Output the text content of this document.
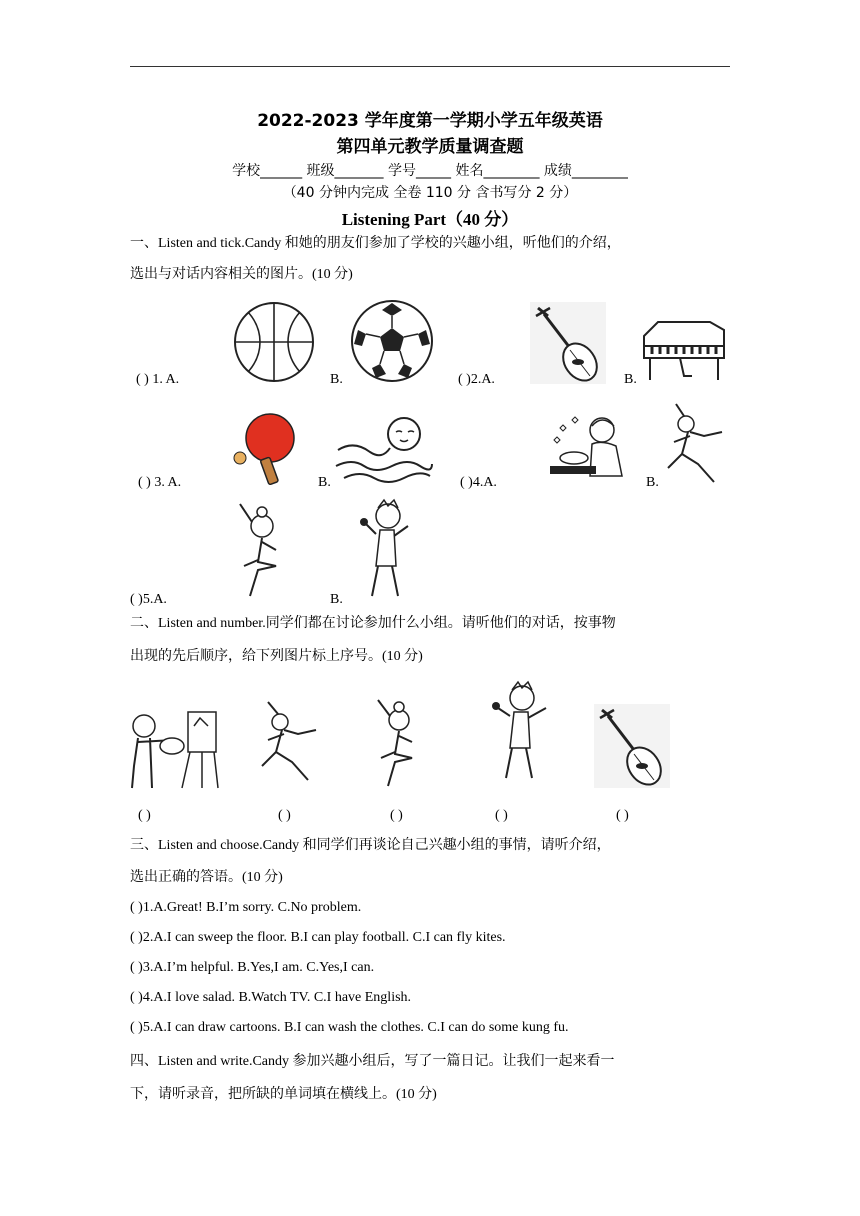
2022-2023 学年度第一学期小学五年级英语
第四单元教学质量调查题
学校______ 班级_______ 学号_____ 姓名________ 成绩________
（40 分钟内完成 全卷 110 分 含书写分 2 分）
Listening Part（40 分）
一、Listen and tick.Candy 和她的朋友们参加了学校的兴趣小组，听他们的介绍，
选出与对话内容相关的图片。(10 分)
( ) 1. A.	B.	( )2.A.	B.
( ) 3. A.	B.	( )4.A.	B.
( )5.A.	B.
二、Listen and number.同学们都在讨论参加什么小组。请听他们的对话，按事物
出现的先后顺序，给下列图片标上序号。(10 分)
( )	( )	( )	( )	( )
三、Listen and choose.Candy 和同学们再谈论自己兴趣小组的事情，请听介绍，
选出正确的答语。(10 分)
( )1.A.Great! B.I’m sorry. C.No problem.
( )2.A.I can sweep the floor. B.I can play football. C.I can fly kites.
( )3.A.I’m helpful. B.Yes,I am. C.Yes,I can.
( )4.A.I love salad. B.Watch TV. C.I have English.
( )5.A.I can draw cartoons. B.I can wash the clothes. C.I can do some kung fu.
四、Listen and write.Candy 参加兴趣小组后，写了一篇日记。让我们一起来看一
下，请听录音，把所缺的单词填在横线上。(10 分)
